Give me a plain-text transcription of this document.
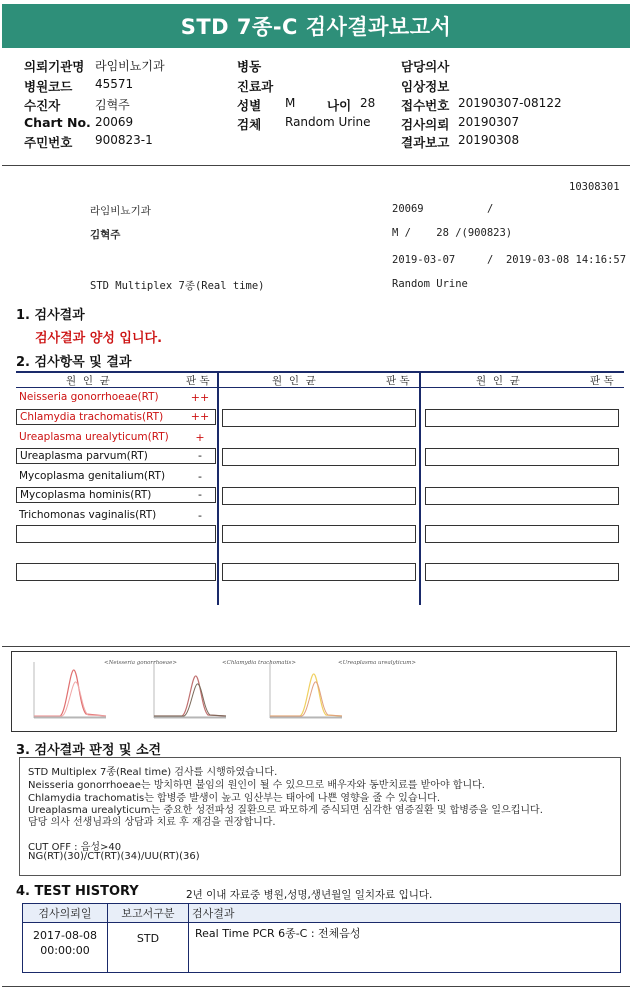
STD 7종-C 검사결과보고서
의뢰기관명 라임비뇨기과
병원코드 45571
수진자	김혁주
Chart No. 20069
주민번호 900823-1
병동
진료과
성별 M	나이 28
검체 Random Urine
담당의사
임상정보
접수번호 20190307-08122
검사의뢰 20190307
결과보고 20190308
10308301
라임비뇨기과	20069	/
김혁주	M /    28 /(900823)
2019-03-07	/  2019-03-08 14:16:57
STD Multiplex 7종(Real time)	Random Urine
1. 검사결과
검사결과 양성 입니다.
2. 검사항목 및 결과
원  인  균	판 독	원  인  균	판 독	원  인  균	판 독
Neisseria gonorrhoeae(RT)	++
Chlamydia trachomatis(RT)	++
Ureaplasma urealyticum(RT)	+
Ureaplasma parvum(RT)	-
Mycoplasma genitalium(RT)	-
Mycoplasma hominis(RT)	-
Trichomonas vaginalis(RT)	-
<Neisseria gonorrhoeae>	<Chlamydia trachomatis>	<Ureaplasma urealyticum>
3. 검사결과 판정 및 소견
STD Multiplex 7종(Real time) 검사를 시행하였습니다.
Neisseria gonorrhoeae는 방치하면 불임의 원인이 될 수 있으므로 배우자와 동반치료를 받아야 합니다.
Chlamydia trachomatis는 합병증 발생이 높고 임산부는 태아에 나쁜 영향을 줄 수 있습니다.
Ureaplasma urealyticum는 중요한 성전파성 질환으로 파모하게 증식되면 심각한 염증질환 및 합병증을 일으킵니다.
담당 의사 선생님과의 상담과 치료 후 재검을 권장합니다.
CUT OFF : 음성>40
NG(RT)(30)/CT(RT)(34)/UU(RT)(36)
4. TEST HISTORY	2년 이내 자료중 병원,성명,생년월일 일치자료 입니다.
검사의뢰일	보고서구분	검사결과
2017-08-08
00:00:00
STD	Real Time PCR 6종-C : 전체음성
